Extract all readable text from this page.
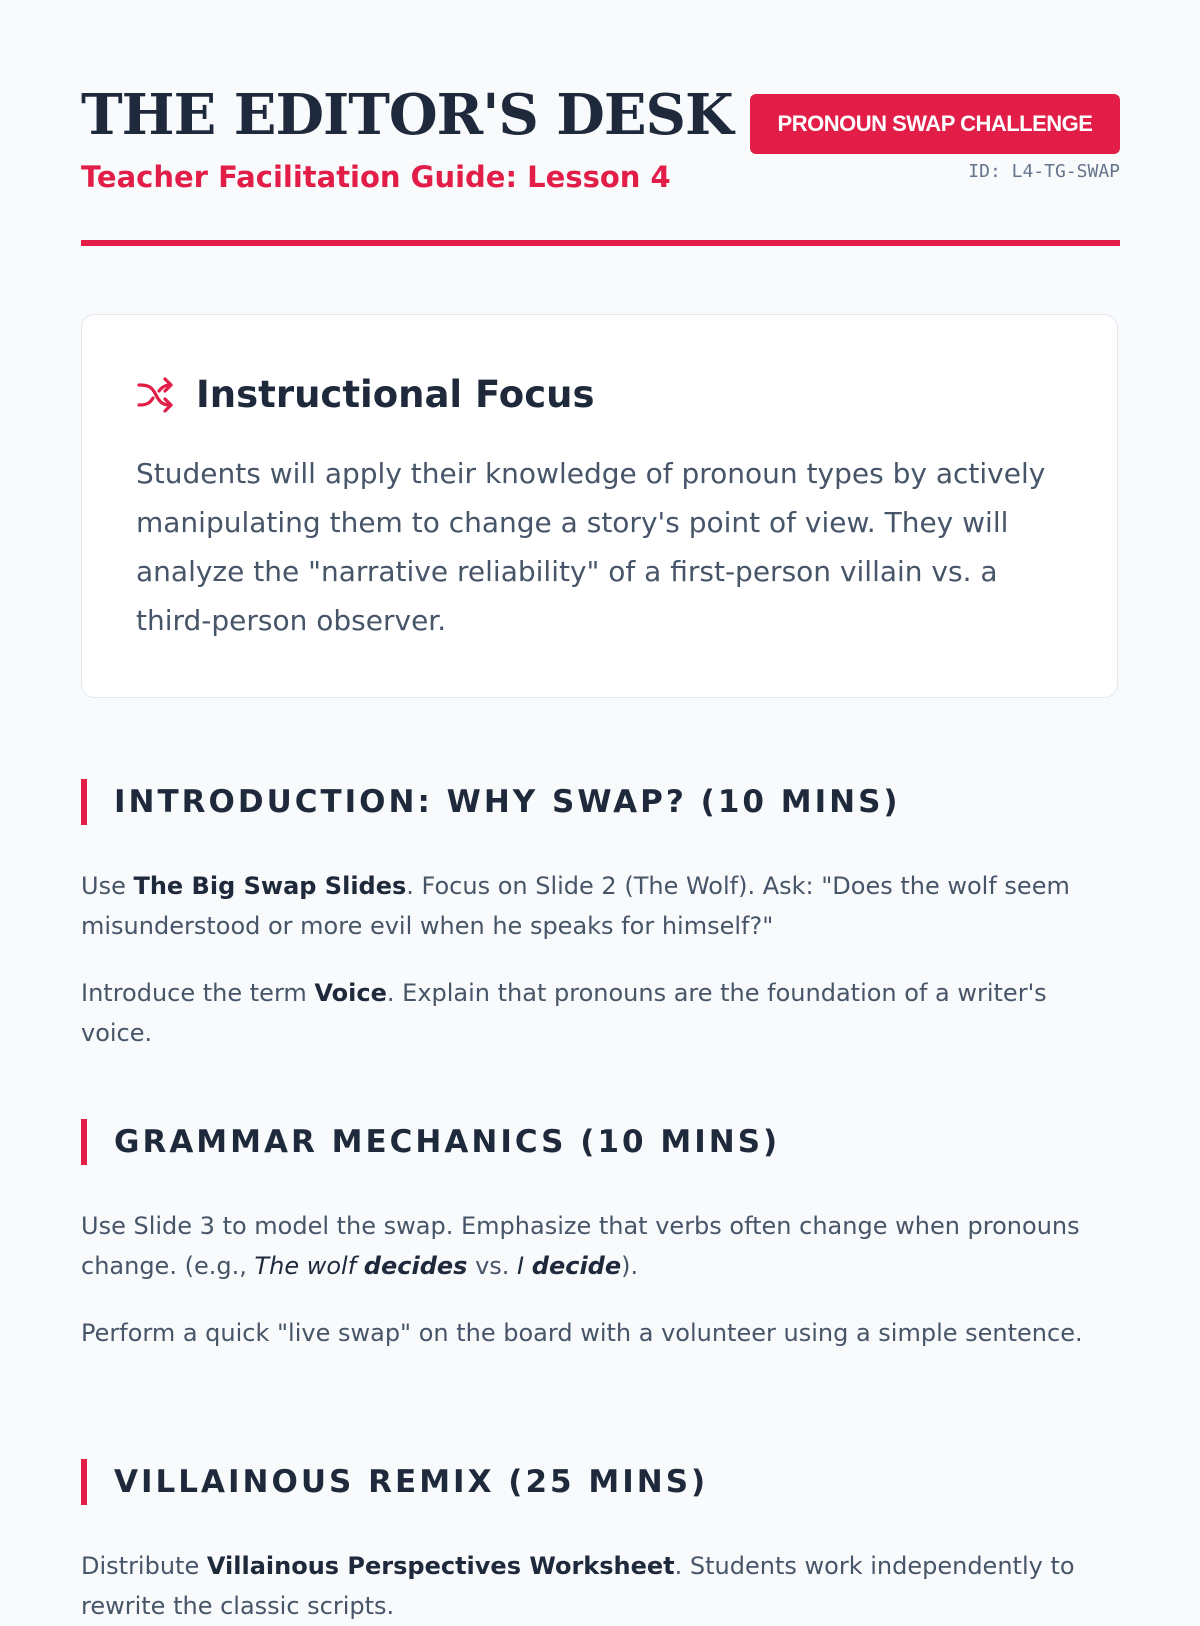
THE EDITOR'S DESK
Teacher Facilitation Guide: Lesson 4
PRONOUN SWAP CHALLENGE
ID: L4-TG-SWAP
Instructional Focus

Students will apply their knowledge of pronoun types by actively manipulating them to change a story's point of view. They will analyze the "narrative reliability" of a first-person villain vs. a third-person observer.

INTRODUCTION: WHY SWAP? (10 MINS)

Use The Big Swap Slides. Focus on Slide 2 (The Wolf). Ask: "Does the wolf seem misunderstood or more evil when he speaks for himself?"

Introduce the term Voice. Explain that pronouns are the foundation of a writer's voice.

GRAMMAR MECHANICS (10 MINS)

Use Slide 3 to model the swap. Emphasize that verbs often change when pronouns change. (e.g., The wolf decides vs. I decide).

Perform a quick "live swap" on the board with a volunteer using a simple sentence.

VILLAINOUS REMIX (25 MINS)

Distribute Villainous Perspectives Worksheet. Students work independently to rewrite the classic scripts.
